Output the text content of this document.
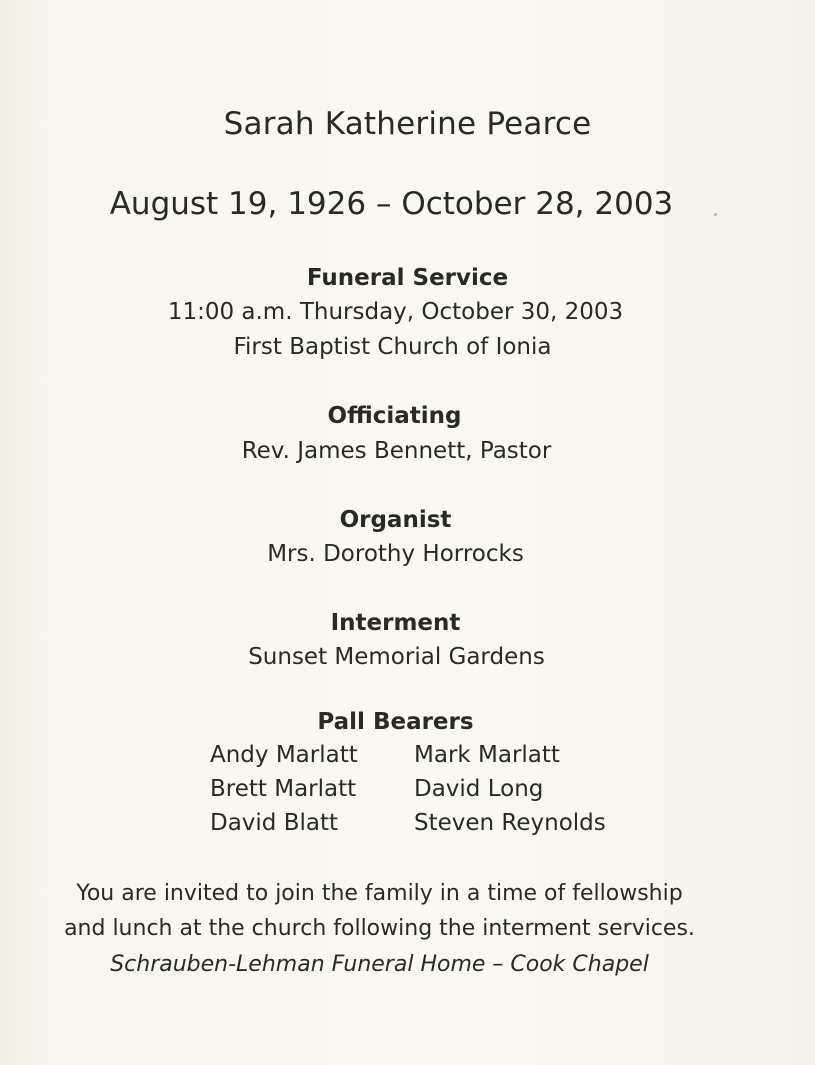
Sarah Katherine Pearce
August 19, 1926 – October 28, 2003
Funeral Service
11:00 a.m. Thursday, October 30, 2003
First Baptist Church of Ionia
Officiating
Rev. James Bennett, Pastor
Organist
Mrs. Dorothy Horrocks
Interment
Sunset Memorial Gardens
Pall Bearers
Andy Marlatt Mark Marlatt
Brett Marlatt	David Long
David Blatt	Steven Reynolds
You are invited to join the family in a time of fellowship
and lunch at the church following the interment services.
Schrauben-Lehman Funeral Home – Cook Chapel
